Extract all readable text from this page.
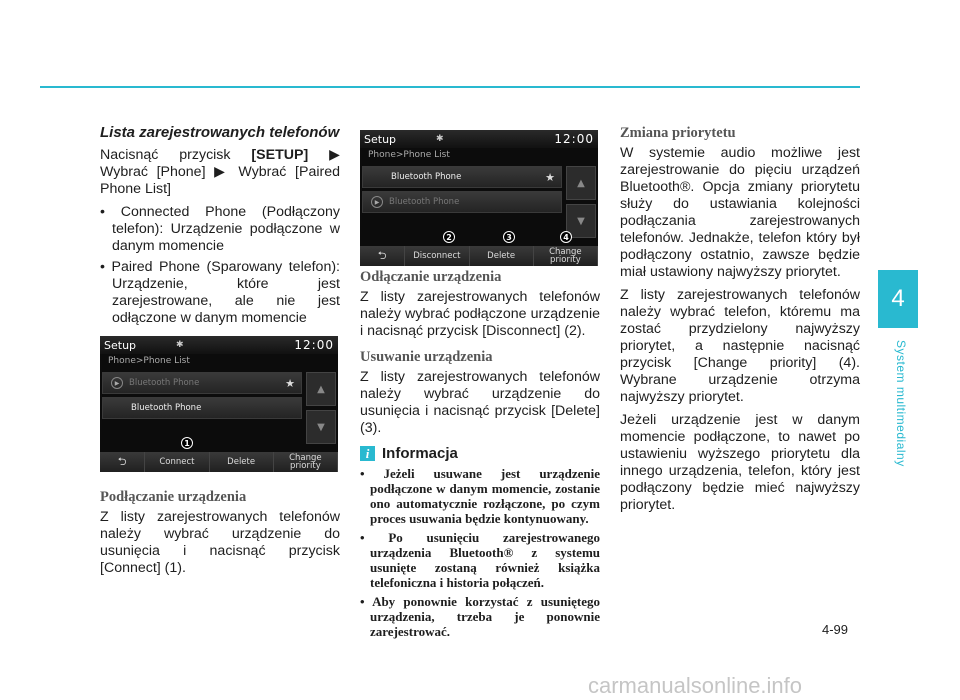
4
System multimedialny
Lista zarejestrowanych telefonów

Nacisnąć przycisk [SETUP] ▶ Wybrać [Phone] ▶ Wybrać [Paired Phone List]

• Connected Phone (Podłączony telefon): Urządzenie podłączone w danym momencie
• Paired Phone (Sparowany telefon): Urządzenie, które jest zarejestrowane, ale nie jest odłączone w danym momencie
Setup	✱	12:00
Phone>Phone List
▶	Bluetooth Phone	★
Bluetooth Phone
▲
▼
1
⮌	Connect	Delete	Change priority
Podłączanie urządzenia

Z listy zarejestrowanych telefonów należy wybrać urządzenie do usunięcia i nacisnąć przycisk [Connect] (1).

Setup	✱	12:00
Phone>Phone List
Bluetooth Phone	★
▶	Bluetooth Phone
▲
▼
2	3	4
⮌	Disconnect	Delete	Change priority
Odłączanie urządzenia

Z listy zarejestrowanych telefonów należy wybrać podłączone urządzenie i nacisnąć przycisk [Disconnect] (2).

Usuwanie urządzenia

Z listy zarejestrowanych telefonów należy wybrać urządzenie do usunięcia i nacisnąć przycisk [Delete] (3).

i Informacja
• Jeżeli usuwane jest urządzenie podłączone w danym momencie, zostanie ono automatycznie rozłączone, po czym proces usuwania będzie kontynuowany.
• Po usunięciu zarejestrowanego urządzenia Bluetooth® z systemu usunięte zostaną również książka telefoniczna i historia połączeń.
• Aby ponownie korzystać z usuniętego urządzenia, trzeba je ponownie zarejestrować.
Zmiana priorytetu

W systemie audio możliwe jest zarejestrowanie do pięciu urządzeń Bluetooth®. Opcja zmiany priorytetu służy do ustawiania kolejności podłączania zarejestrowanych telefonów. Jednakże, telefon który był podłączony ostatnio, zawsze będzie miał ustawiony najwyższy priorytet.

Z listy zarejestrowanych telefonów należy wybrać telefon, któremu ma zostać przydzielony najwyższy priorytet, a następnie nacisnąć przycisk [Change priority] (4). Wybrane urządzenie otrzyma najwyższy priorytet.

Jeżeli urządzenie jest w danym momencie podłączone, to nawet po ustawieniu wyższego priorytetu dla innego urządzenia, telefon, który jest podłączony będzie mieć najwyższy priorytet.

4-99
carmanualsonline.info
